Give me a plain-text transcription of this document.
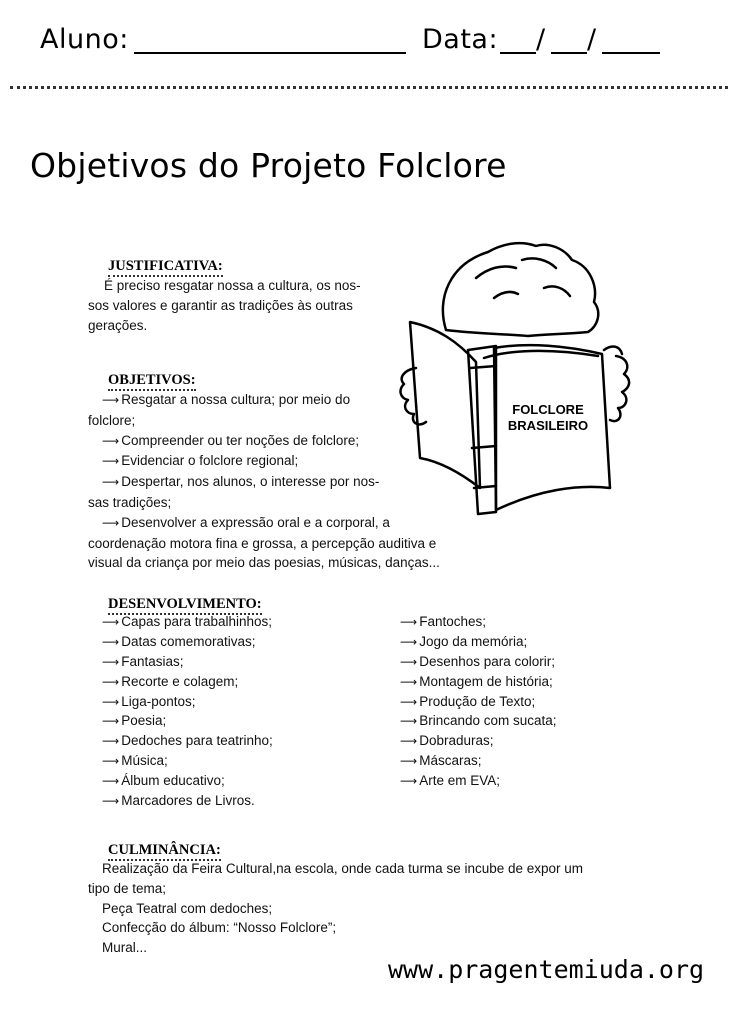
Aluno:	Data: / /
Objetivos do Projeto Folclore
FOLCLORE
BRASILEIRO
JUSTIFICATIVA:
É preciso resgatar nossa a cultura, os nos-
sos valores e garantir as tradições às outras
gerações.
OBJETIVOS:
⟶ Resgatar a nossa cultura; por meio do
folclore;
⟶ Compreender ou ter noções de folclore;
⟶ Evidenciar o folclore regional;
⟶ Despertar, nos alunos, o interesse por nos-
sas tradições;
⟶ Desenvolver a expressão oral e a corporal, a
coordenação motora fina e grossa, a percepção auditiva e
visual da criança por meio das poesias, músicas, danças...
DESENVOLVIMENTO:
⟶ Capas para trabalhinhos;
⟶ Datas comemorativas;
⟶ Fantasias;
⟶ Recorte e colagem;
⟶ Liga-pontos;
⟶ Poesia;
⟶ Dedoches para teatrinho;
⟶ Música;
⟶ Álbum educativo;
⟶ Marcadores de Livros.
⟶ Fantoches;
⟶ Jogo da memória;
⟶ Desenhos para colorir;
⟶ Montagem de história;
⟶ Produção de Texto;
⟶ Brincando com sucata;
⟶ Dobraduras;
⟶ Máscaras;
⟶ Arte em EVA;
CULMINÂNCIA:
Realização da Feira Cultural,na escola, onde cada turma se incube de expor um
tipo de tema;
Peça Teatral com dedoches;
Confecção do álbum: “Nosso Folclore”;
Mural...
www.pragentemiuda.org
